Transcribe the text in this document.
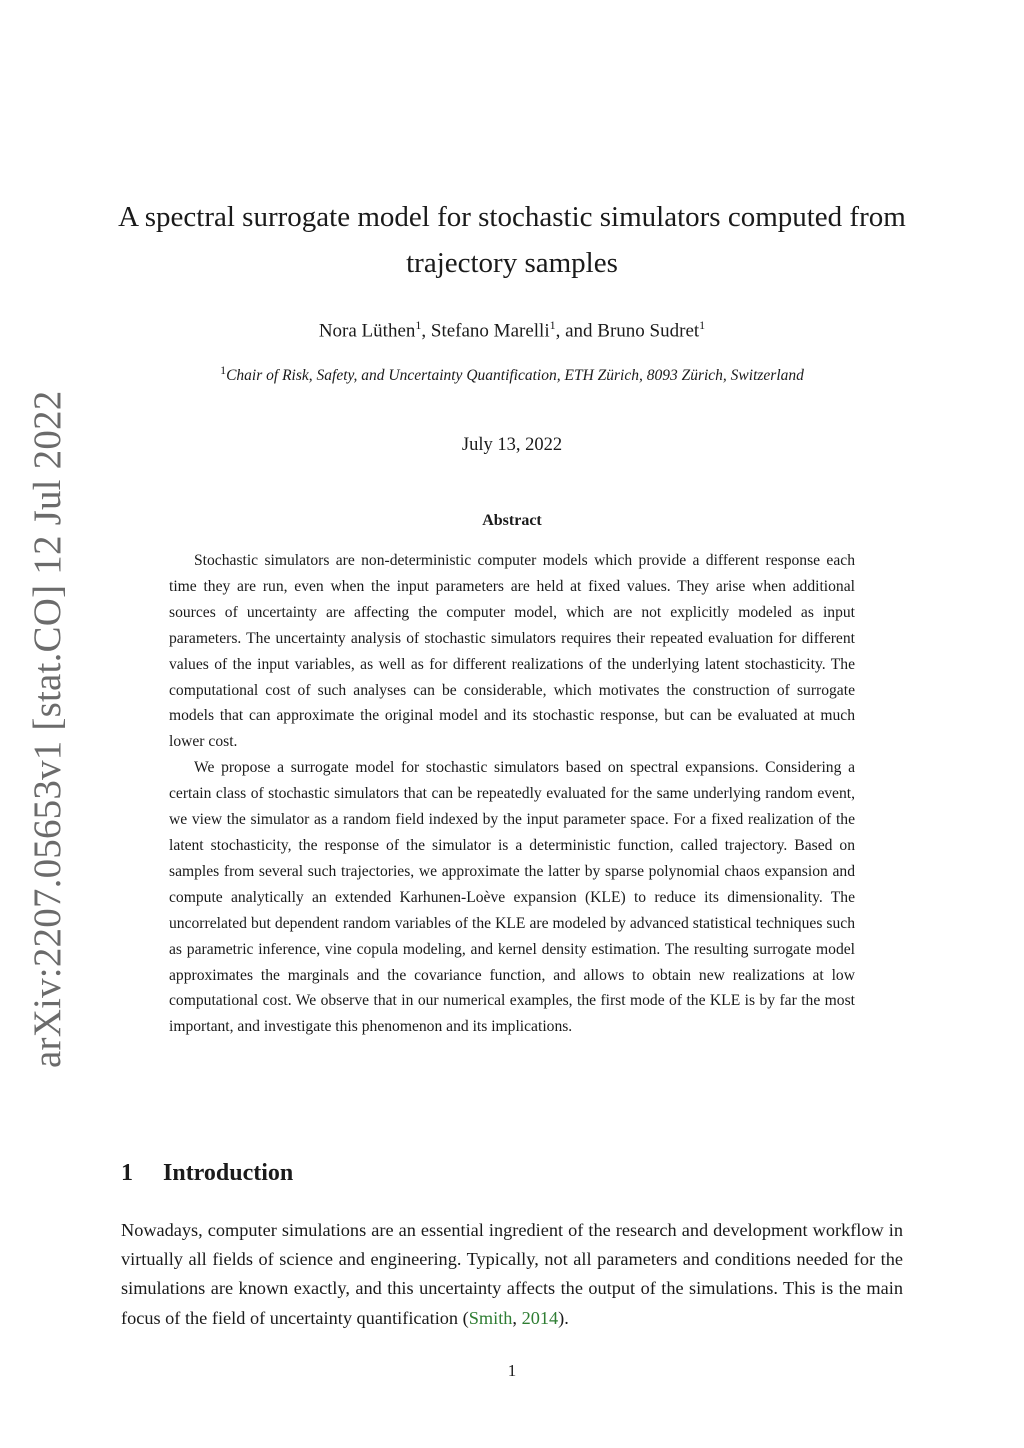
arXiv:2207.05653v1 [stat.CO] 12 Jul 2022
A spectral surrogate model for stochastic simulators computed from trajectory samples
Nora Lüthen$^1$, Stefano Marelli$^1$, and Bruno Sudret$^1$
$^1$Chair of Risk, Safety, and Uncertainty Quantification, ETH Zürich, 8093 Zürich, Switzerland
July 13, 2022
Abstract

Stochastic simulators are non-deterministic computer models which provide a different response each time they are run, even when the input parameters are held at fixed values. They arise when additional sources of uncertainty are affecting the computer model, which are not explicitly modeled as input parameters. The uncertainty analysis of stochastic simulators requires their repeated evaluation for different values of the input variables, as well as for different realizations of the underlying latent stochasticity. The computational cost of such analyses can be considerable, which motivates the construction of surrogate models that can approximate the original model and its stochastic response, but can be evaluated at much lower cost.

We propose a surrogate model for stochastic simulators based on spectral expansions. Considering a certain class of stochastic simulators that can be repeatedly evaluated for the same underlying random event, we view the simulator as a random field indexed by the input parameter space. For a fixed realization of the latent stochasticity, the response of the simulator is a deterministic function, called trajectory. Based on samples from several such trajectories, we approximate the latter by sparse polynomial chaos expansion and compute analytically an extended Karhunen-Loève expansion (KLE) to reduce its dimensionality. The uncorrelated but dependent random variables of the KLE are modeled by advanced statistical techniques such as parametric inference, vine copula modeling, and kernel density estimation. The resulting surrogate model approximates the marginals and the covariance function, and allows to obtain new realizations at low computational cost. We observe that in our numerical examples, the first mode of the KLE is by far the most important, and investigate this phenomenon and its implications.

1 Introduction

Nowadays, computer simulations are an essential ingredient of the research and development workflow in virtually all fields of science and engineering. Typically, not all parameters and conditions needed for the simulations are known exactly, and this uncertainty affects the output of the simulations. This is the main focus of the field of uncertainty quantification (Smith, 2014).

1
